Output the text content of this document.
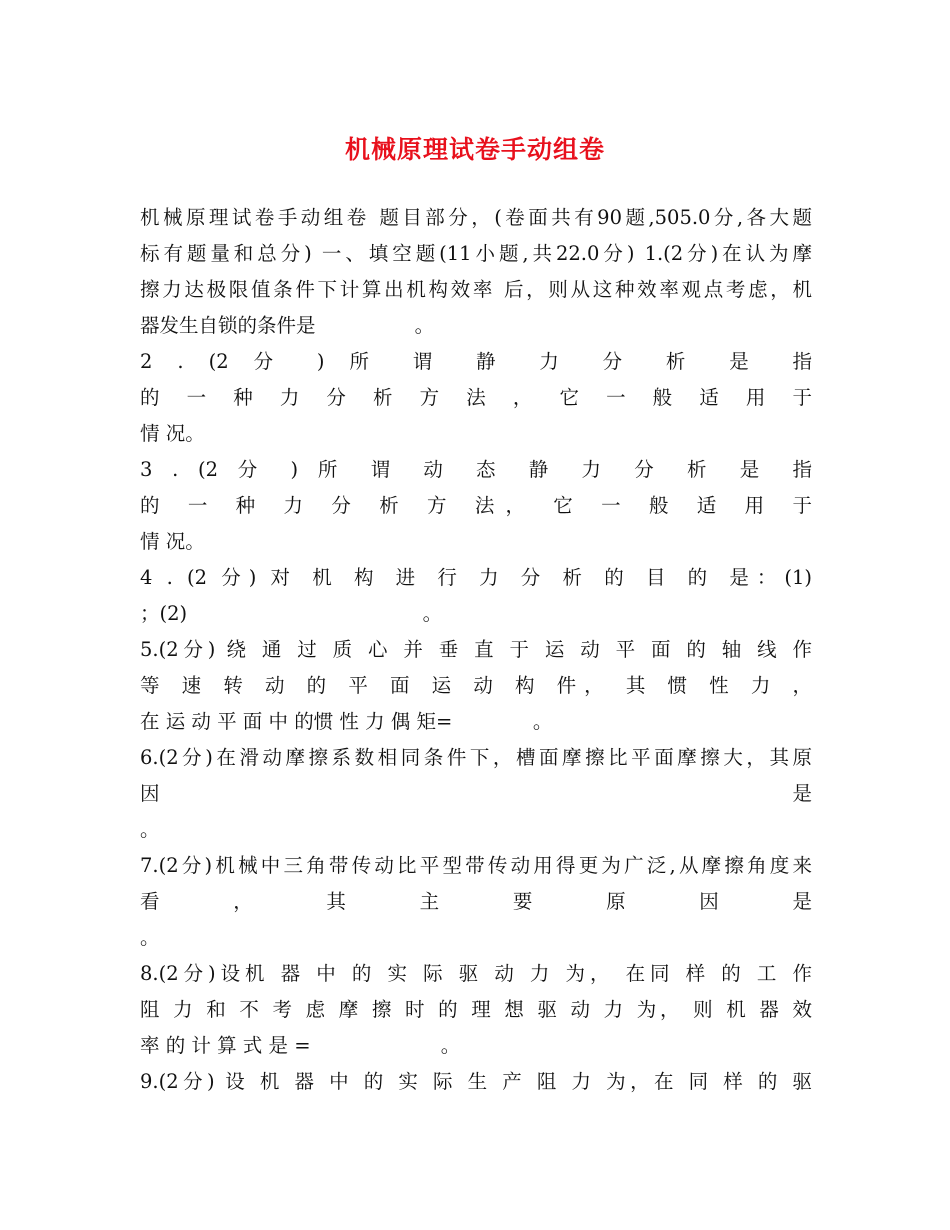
机械原理试卷手动组卷
机械原理试卷手动组卷 题目部分，(卷面共有90题,505.0分,各大题
标有题量和总分) 一、填空题(11小题,共22.0分) 1.(2分)在认为摩
擦力达极限值条件下计算出机构效率 后，则从这种效率观点考虑，机
器发生自锁的条件是                。
2 . (2 分 ) 所 谓 静 力 分 析 是 指
的 一 种 力 分 析 方 法 ， 它 一 般 适 用 于
情 况。
3 . (2 分 ) 所 谓 动 态 静 力 分 析 是 指
的 一 种 力 分 析 方 法， 它 一 般 适 用 于
情 况。
4 . (2 分) 对 机 构 进 行 力 分 析 的 目 的 是：(1)
；(2)                                      。
5.(2分) 绕 通 过 质 心 并 垂 直 于 运 动 平 面 的 轴 线 作
等 速 转 动 的 平 面 运 动 构 件， 其 惯 性 力 ，
在 运 动 平 面 中 的惯 性 力 偶 矩=             。
6.(2分)在滑动摩擦系数相同条件下，槽面摩擦比平面摩擦大，其原
因 是
。
7.(2分)机械中三角带传动比平型带传动用得更为广泛,从摩擦角度来
看 ， 其 主 要 原 因 是
。
8.(2分)设机 器 中 的 实 际 驱 动 力 为， 在同 样 的 工 作
阻 力 和 不 考 虑 摩 擦 时 的 理 想 驱 动 力 为， 则 机 器 效
率 的 计 算 式 是 =                     。
9.(2分) 设 机 器 中 的 实 际 生 产 阻 力 为，在 同 样 的 驱
